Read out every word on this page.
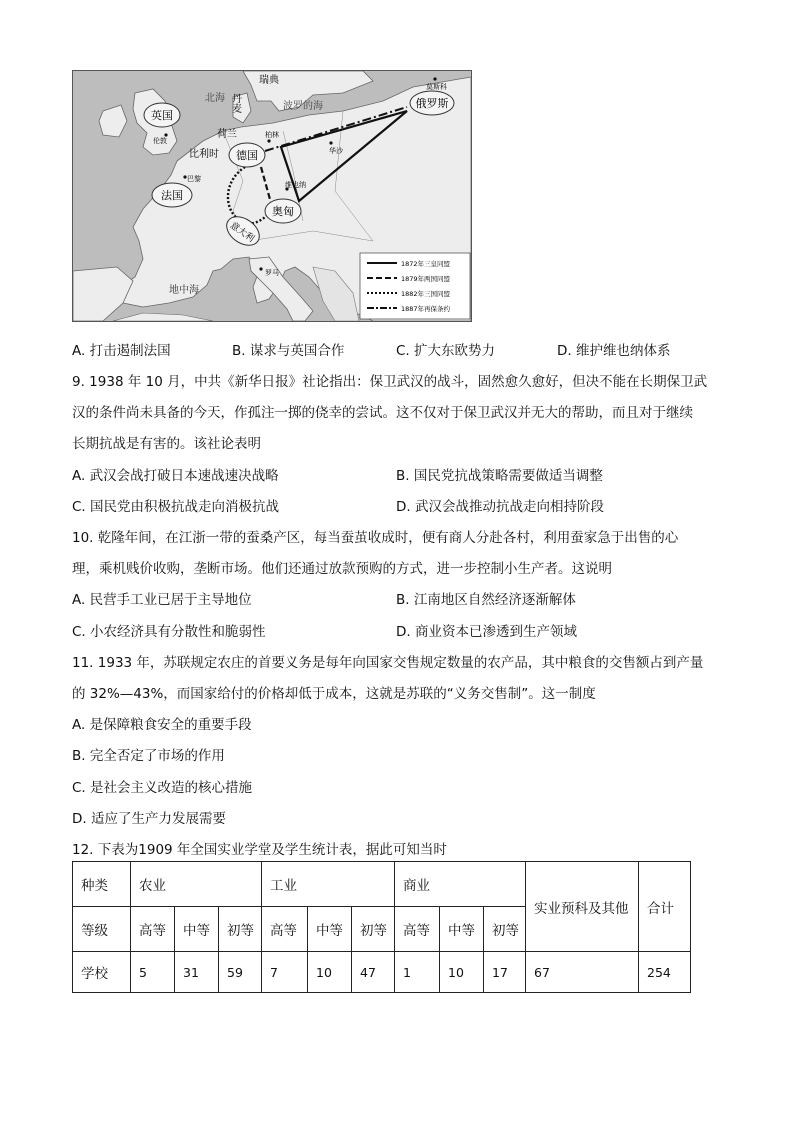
英国
法国
德国
奥匈
意大利
俄罗斯
瑞典
北海 丹麦	波罗的海
荷兰
比利时
地中海
伦敦
巴黎
柏林
华沙
维也纳
罗马
莫斯科
1872年三皇同盟
1879年两国同盟
1882年三国同盟
1887年再保条约
A. 打击遏制法国	B. 谋求与英国合作	C. 扩大东欧势力	D. 维护维也纳体系
9. 1938 年 10 月，中共《新华日报》社论指出：保卫武汉的战斗，固然愈久愈好，但决不能在长期保卫武
汉的条件尚未具备的今天，作孤注一掷的侥幸的尝试。这不仅对于保卫武汉并无大的帮助，而且对于继续
长期抗战是有害的。该社论表明
A. 武汉会战打破日本速战速决战略	B. 国民党抗战策略需要做适当调整
C. 国民党由积极抗战走向消极抗战	D. 武汉会战推动抗战走向相持阶段
10. 乾隆年间，在江浙一带的蚕桑产区，每当蚕茧收成时，便有商人分赴各村，利用蚕家急于出售的心
理，乘机贱价收购，垄断市场。他们还通过放款预购的方式，进一步控制小生产者。这说明
A. 民营手工业已居于主导地位	B. 江南地区自然经济逐渐解体
C. 小农经济具有分散性和脆弱性	D. 商业资本已渗透到生产领域
11. 1933 年，苏联规定农庄的首要义务是每年向国家交售规定数量的农产品，其中粮食的交售额占到产量
的 32%—43%，而国家给付的价格却低于成本，这就是苏联的“义务交售制”。这一制度
A. 是保障粮食安全的重要手段
B. 完全否定了市场的作用
C. 是社会主义改造的核心措施
D. 适应了生产力发展需要
12. 下表为1909 年全国实业学堂及学生统计表，据此可知当时
种类	农业			工业			商业			实业预科及其他	合计
等级	高等	中等	初等	高等	中等	初等	高等	中等	初等		
学校	5	31	59	7	10	47	1	10	17	67	254
